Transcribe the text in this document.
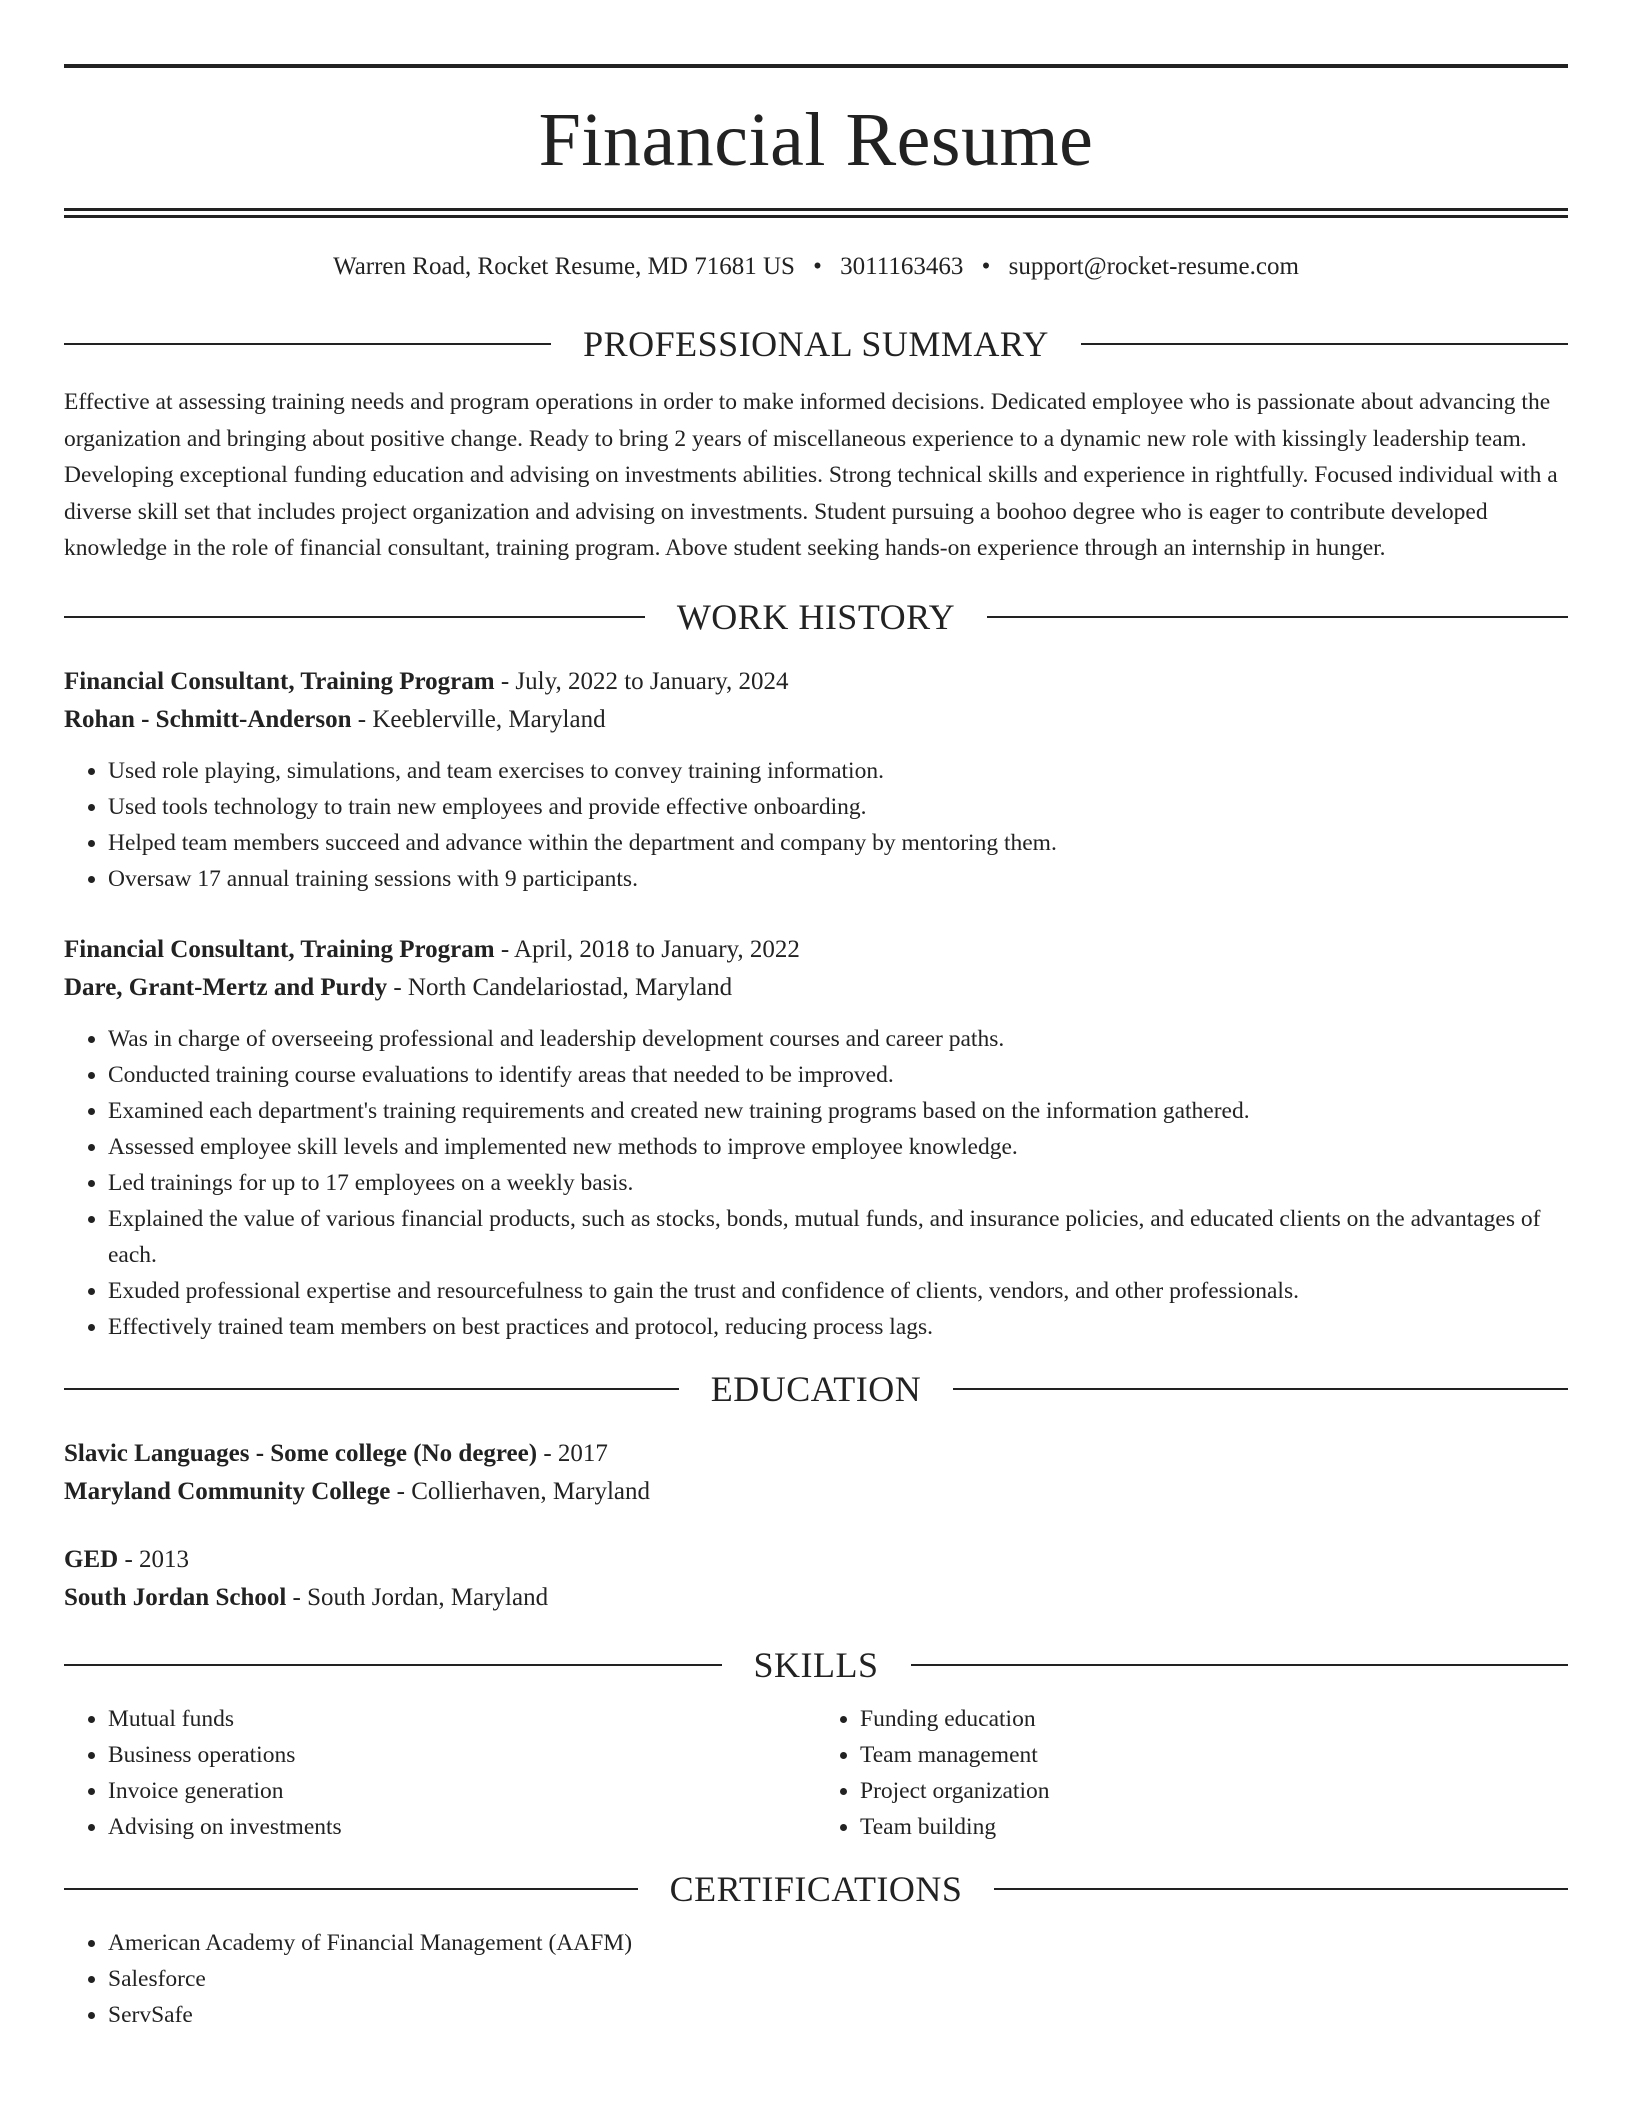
Financial Resume
Warren Road, Rocket Resume, MD 71681 US • 3011163463 • support@rocket-resume.com
PROFESSIONAL SUMMARY

Effective at assessing training needs and program operations in order to make informed decisions. Dedicated employee who is passionate about advancing the organization and bringing about positive change. Ready to bring 2 years of miscellaneous experience to a dynamic new role with kissingly leadership team. Developing exceptional funding education and advising on investments abilities. Strong technical skills and experience in rightfully. Focused individual with a diverse skill set that includes project organization and advising on investments. Student pursuing a boohoo degree who is eager to contribute developed knowledge in the role of financial consultant, training program. Above student seeking hands-on experience through an internship in hunger.

WORK HISTORY
Financial Consultant, Training Program - July, 2022 to January, 2024
Rohan - Schmitt-Anderson - Keeblerville, Maryland
• Used role playing, simulations, and team exercises to convey training information.
• Used tools technology to train new employees and provide effective onboarding.
• Helped team members succeed and advance within the department and company by mentoring them.
• Oversaw 17 annual training sessions with 9 participants.
Financial Consultant, Training Program - April, 2018 to January, 2022
Dare, Grant-Mertz and Purdy - North Candelariostad, Maryland
• Was in charge of overseeing professional and leadership development courses and career paths.
• Conducted training course evaluations to identify areas that needed to be improved.
• Examined each department's training requirements and created new training programs based on the information gathered.
• Assessed employee skill levels and implemented new methods to improve employee knowledge.
• Led trainings for up to 17 employees on a weekly basis.
• Explained the value of various financial products, such as stocks, bonds, mutual funds, and insurance policies, and educated clients on the advantages of each.
• Exuded professional expertise and resourcefulness to gain the trust and confidence of clients, vendors, and other professionals.
• Effectively trained team members on best practices and protocol, reducing process lags.
EDUCATION
Slavic Languages - Some college (No degree) - 2017
Maryland Community College - Collierhaven, Maryland
GED - 2013
South Jordan School - South Jordan, Maryland
SKILLS
• Mutual funds
• Business operations
• Invoice generation
• Advising on investments
• Funding education
• Team management
• Project organization
• Team building
CERTIFICATIONS
• American Academy of Financial Management (AAFM)
• Salesforce
• ServSafe
